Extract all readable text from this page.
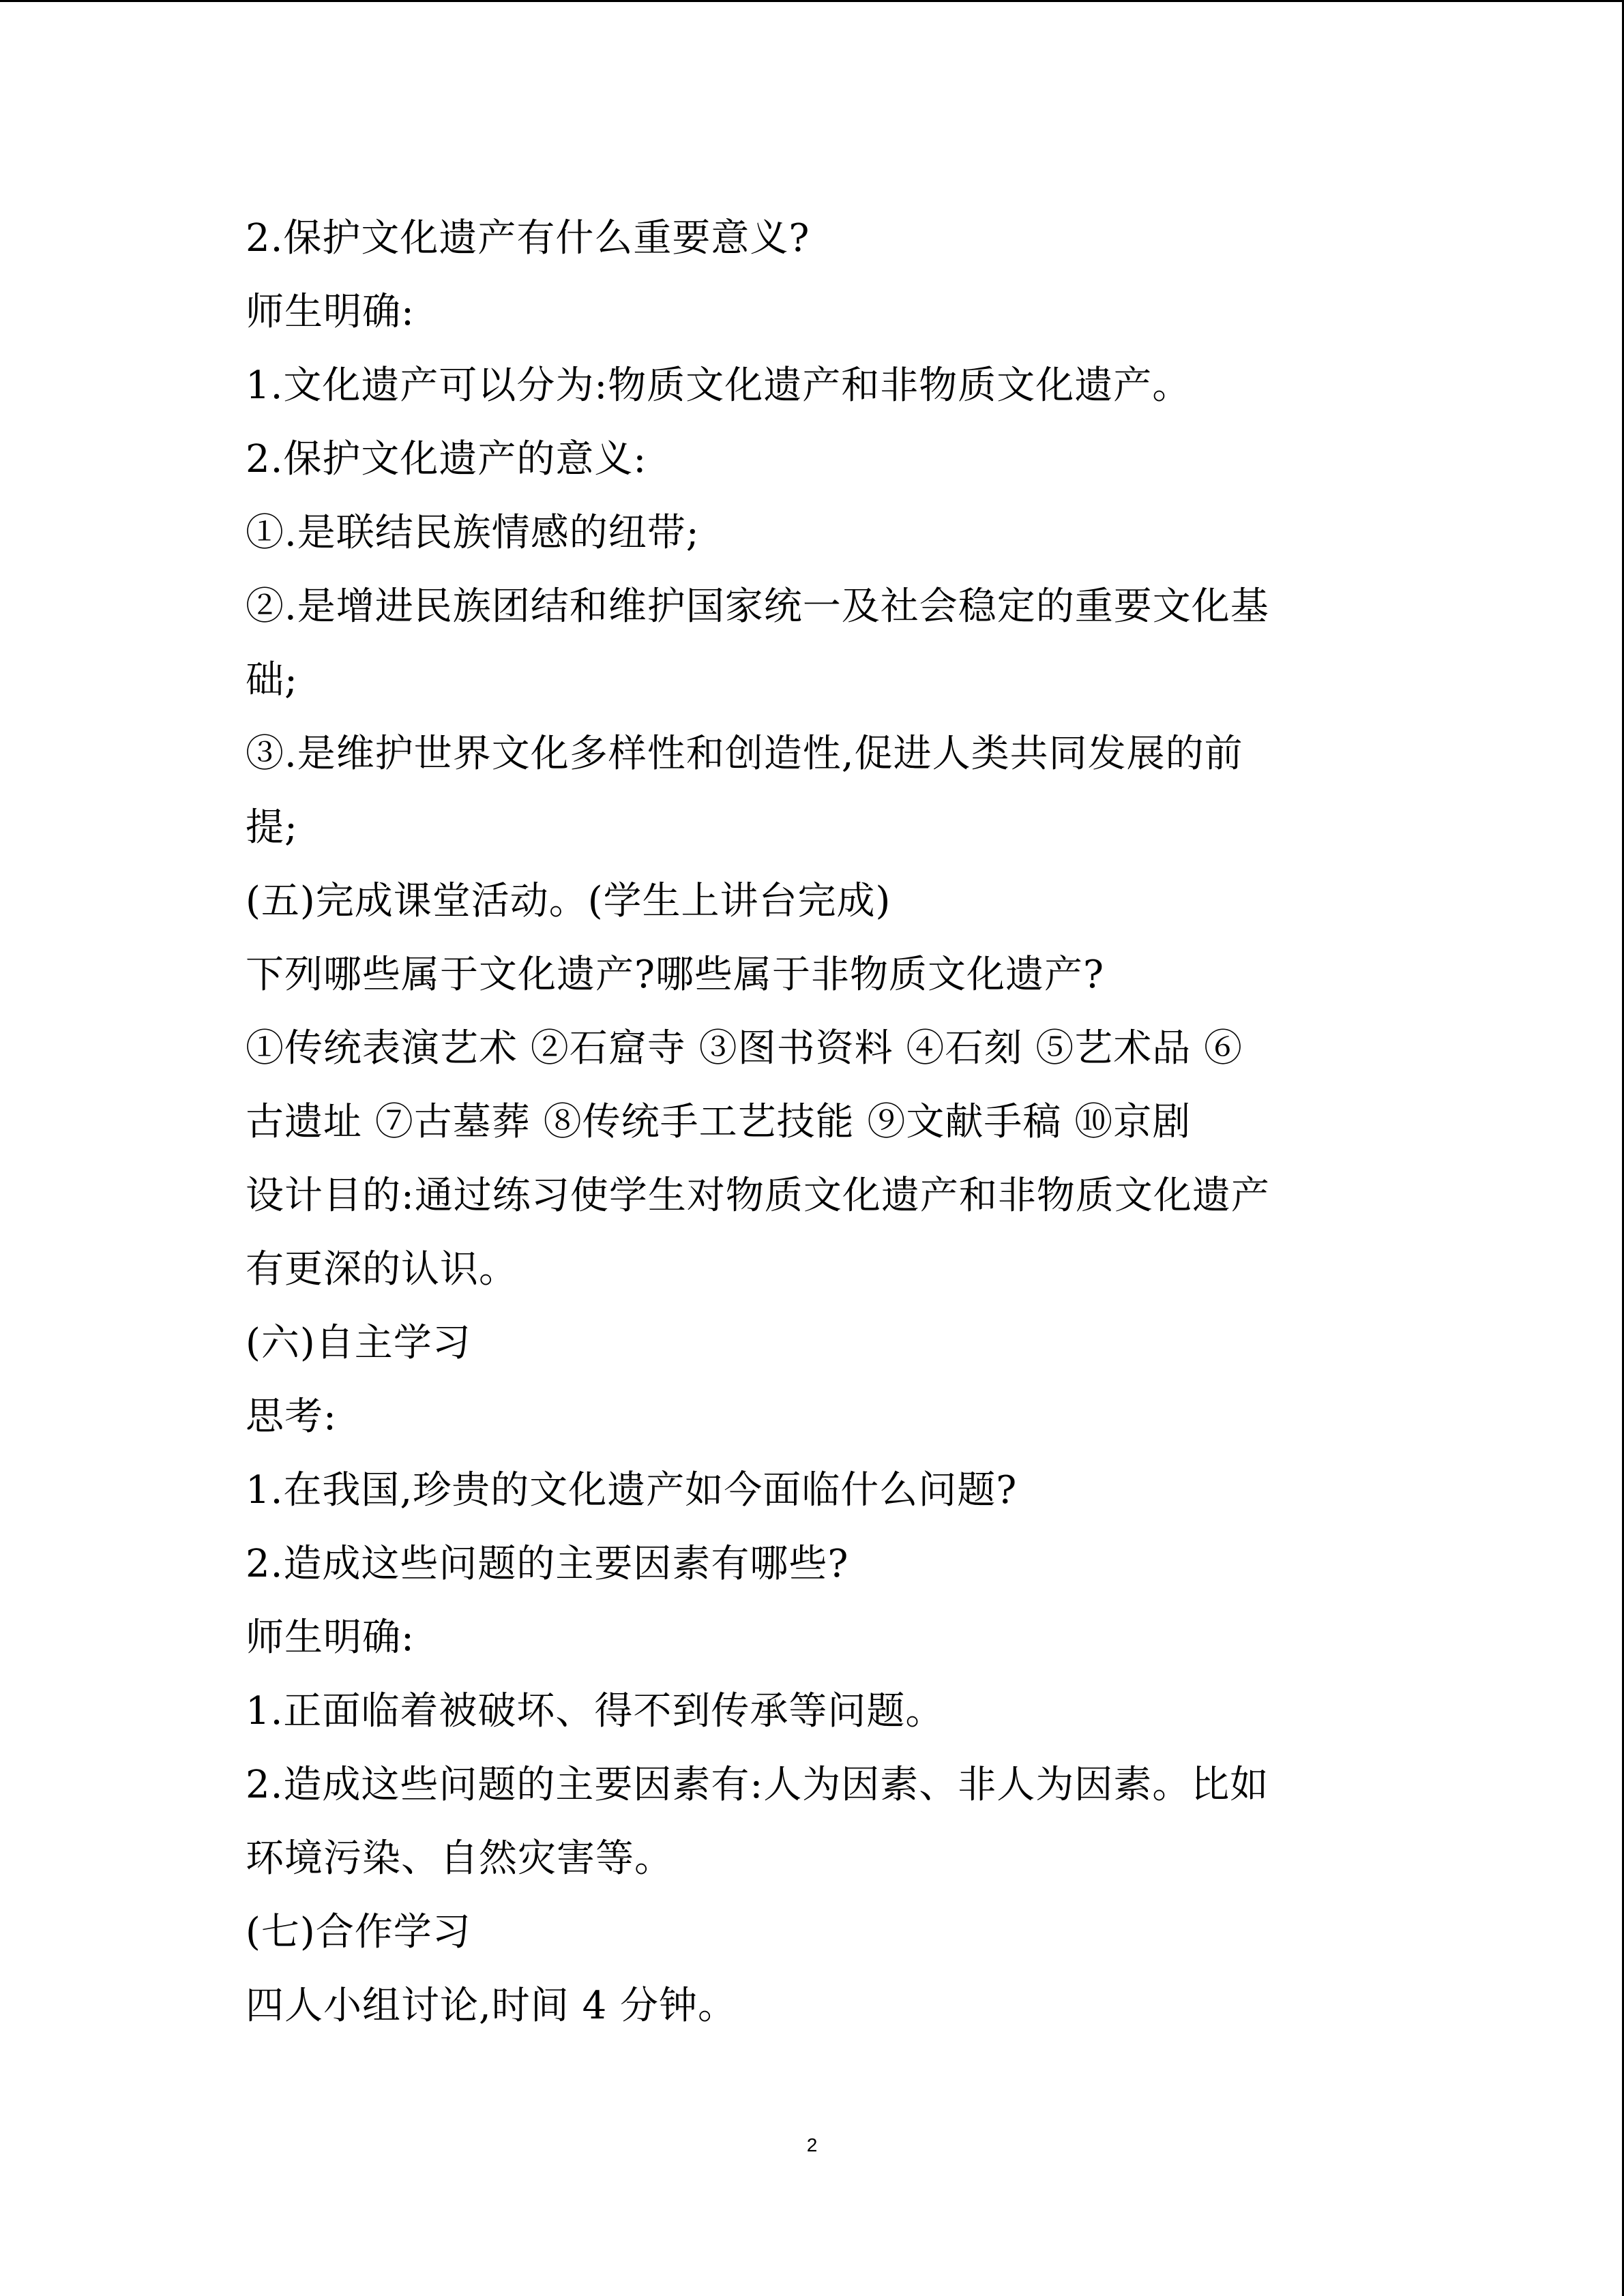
2.保护文化遗产有什么重要意义?
师生明确:
1.文化遗产可以分为:物质文化遗产和非物质文化遗产。
2.保护文化遗产的意义:
①.是联结民族情感的纽带;
②.是增进民族团结和维护国家统一及社会稳定的重要文化基
础;
③.是维护世界文化多样性和创造性,促进人类共同发展的前
提;
(五)完成课堂活动。(学生上讲台完成)
下列哪些属于文化遗产?哪些属于非物质文化遗产?
①传统表演艺术 ②石窟寺 ③图书资料 ④石刻 ⑤艺术品 ⑥
古遗址 ⑦古墓葬 ⑧传统手工艺技能 ⑨文献手稿 ⑩京剧
设计目的:通过练习使学生对物质文化遗产和非物质文化遗产
有更深的认识。
(六)自主学习
思考:
1.在我国,珍贵的文化遗产如今面临什么问题?
2.造成这些问题的主要因素有哪些?
师生明确:
1.正面临着被破坏、得不到传承等问题。
2.造成这些问题的主要因素有:人为因素、非人为因素。比如
环境污染、自然灾害等。
(七)合作学习
四人小组讨论,时间 4 分钟。
2
